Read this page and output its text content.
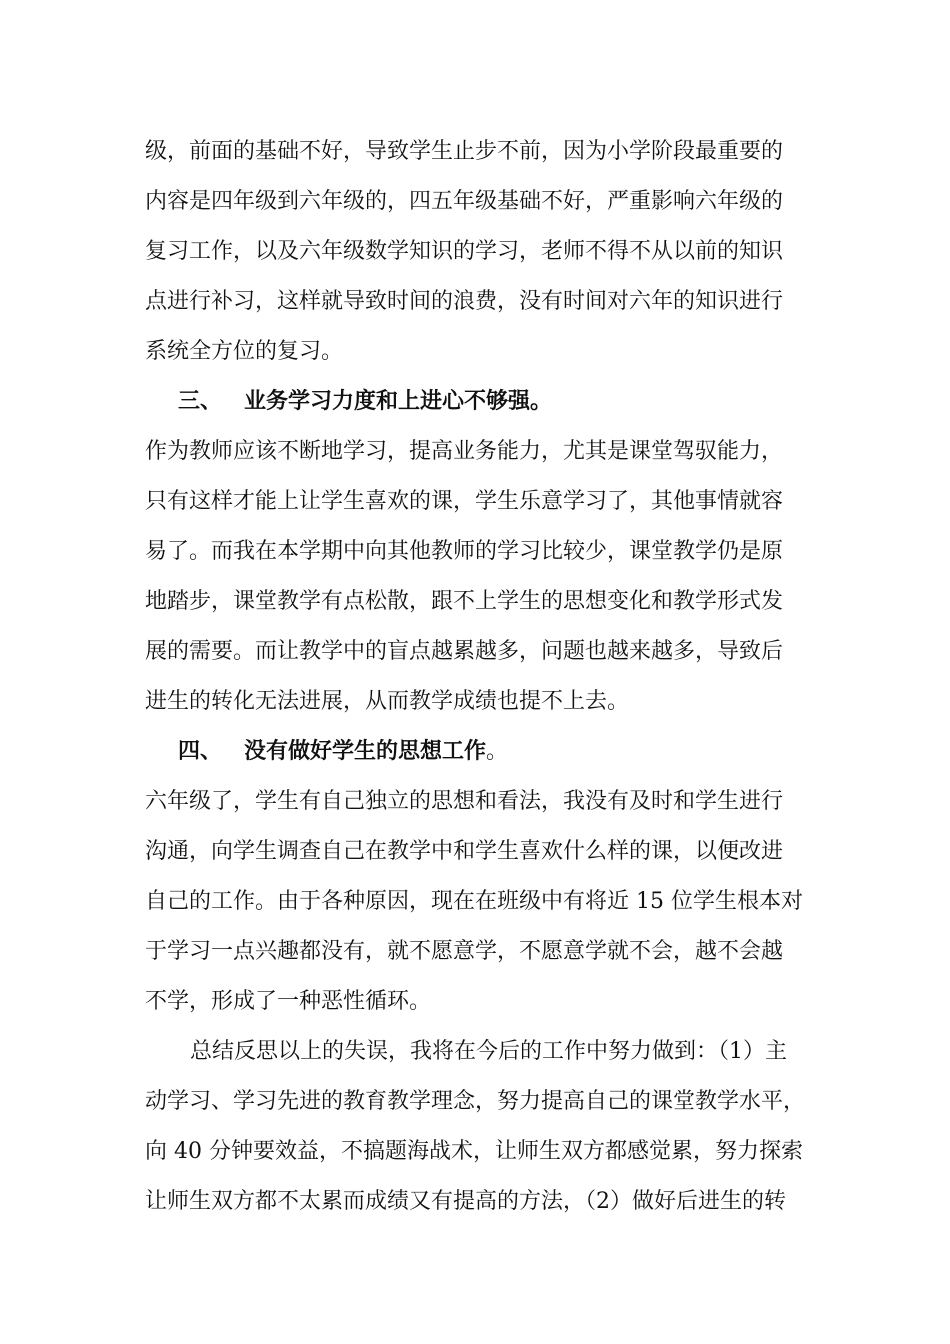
级，前面的基础不好，导致学生止步不前，因为小学阶段最重要的
内容是四年级到六年级的，四五年级基础不好，严重影响六年级的
复习工作，以及六年级数学知识的学习，老师不得不从以前的知识
点进行补习，这样就导致时间的浪费，没有时间对六年的知识进行
系统全方位的复习。
三、 业务学习力度和上进心不够强。
作为教师应该不断地学习，提高业务能力，尤其是课堂驾驭能力，
只有这样才能上让学生喜欢的课，学生乐意学习了，其他事情就容
易了。而我在本学期中向其他教师的学习比较少，课堂教学仍是原
地踏步，课堂教学有点松散，跟不上学生的思想变化和教学形式发
展的需要。而让教学中的盲点越累越多，问题也越来越多，导致后
进生的转化无法进展，从而教学成绩也提不上去。
四、 没有做好学生的思想工作。
六年级了，学生有自己独立的思想和看法，我没有及时和学生进行
沟通，向学生调查自己在教学中和学生喜欢什么样的课，以便改进
自己的工作。由于各种原因，现在在班级中有将近 15 位学生根本对
于学习一点兴趣都没有，就不愿意学，不愿意学就不会，越不会越
不学，形成了一种恶性循环。
总结反思以上的失误，我将在今后的工作中努力做到：（1）主
动学习、学习先进的教育教学理念，努力提高自己的课堂教学水平，
向 40 分钟要效益，不搞题海战术，让师生双方都感觉累，努力探索
让师生双方都不太累而成绩又有提高的方法，（2）做好后进生的转
